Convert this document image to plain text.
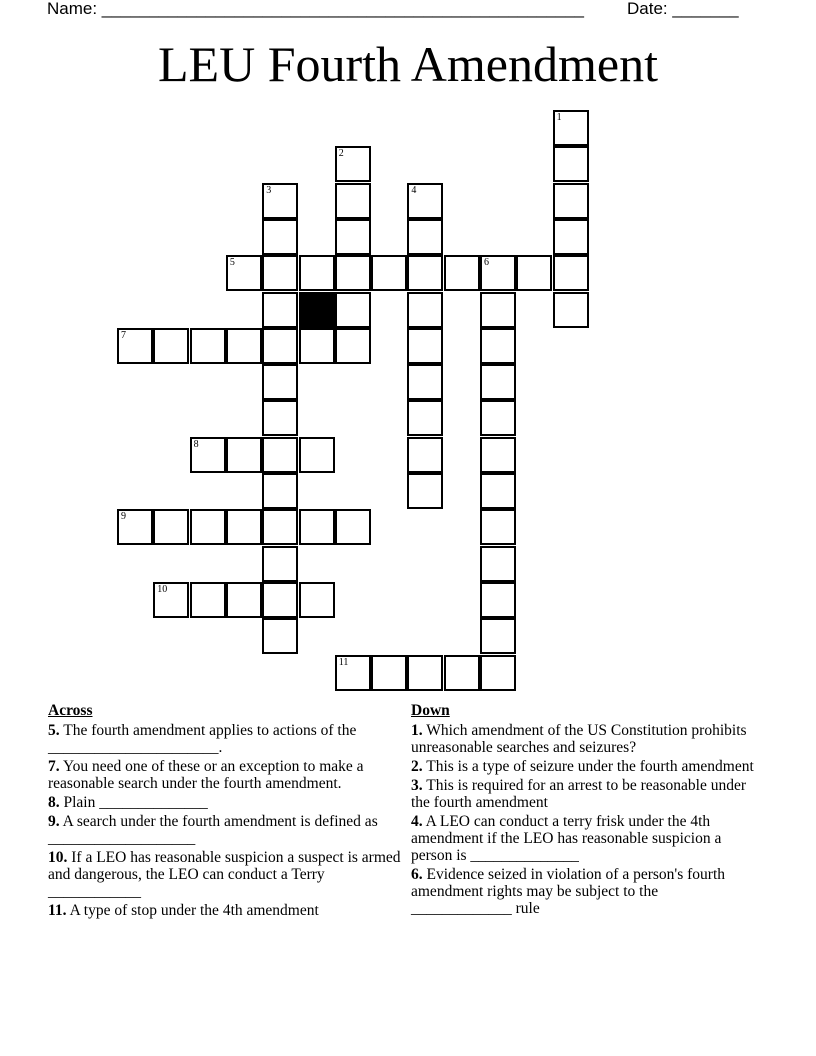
Name: ___________________________________________________	Date: _______
LEU Fourth Amendment
1
2
3	4
5	6
7
8
9
10
11
Across
5. The fourth amendment applies to actions of the ______________________.
7. You need one of these or an exception to make a reasonable search under the fourth amendment.
8. Plain ______________
9. A search under the fourth amendment is defined as ___________________
10. If a LEO has reasonable suspicion a suspect is armed and dangerous, the LEO can conduct a Terry ____________
11. A type of stop under the 4th amendment
Down
1. Which amendment of the US Constitution prohibits unreasonable searches and seizures?
2. This is a type of seizure under the fourth amendment
3. This is required for an arrest to be reasonable under the fourth amendment
4. A LEO can conduct a terry frisk under the 4th amendment if the LEO has reasonable suspicion a person is ______________
6. Evidence seized in violation of a person's fourth amendment rights may be subject to the _____________ rule
